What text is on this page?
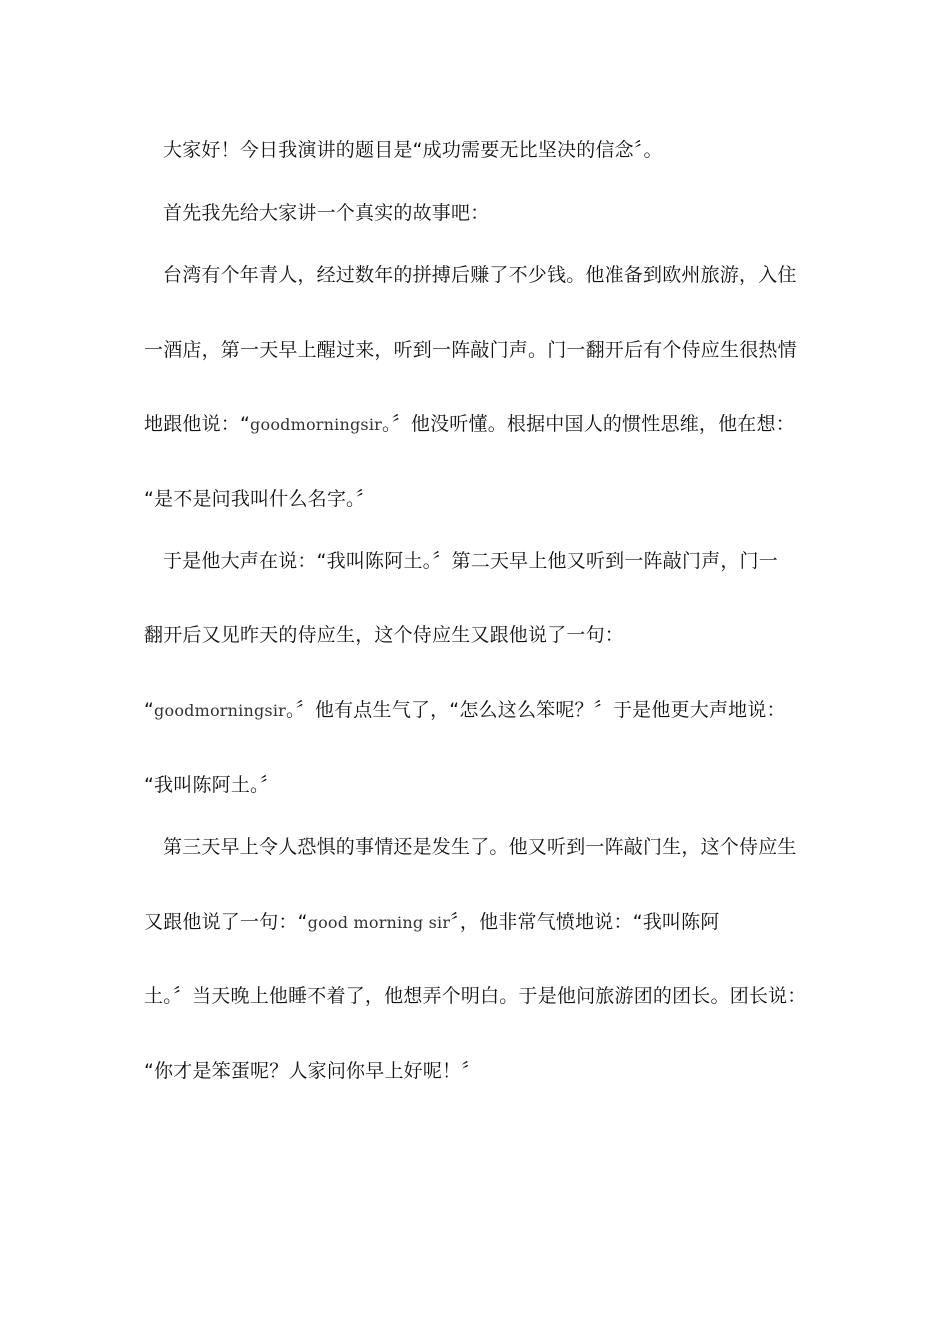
大家好！今日我演讲的题目是“成功需要无比坚决的信念〞。
首先我先给大家讲一个真实的故事吧：
台湾有个年青人，经过数年的拼搏后赚了不少钱。他准备到欧州旅游，入住
一酒店，第一天早上醒过来，听到一阵敲门声。门一翻开后有个侍应生很热情
地跟他说：“goodmorningsir。〞他没听懂。根据中国人的惯性思维，他在想：
“是不是问我叫什么名字。〞
于是他大声在说：“我叫陈阿土。〞第二天早上他又听到一阵敲门声，门一
翻开后又见昨天的侍应生，这个侍应生又跟他说了一句：
“goodmorningsir。〞他有点生气了，“怎么这么笨呢？〞于是他更大声地说：
“我叫陈阿土。〞
第三天早上令人恐惧的事情还是发生了。他又听到一阵敲门生，这个侍应生
又跟他说了一句：“good morning sir〞，他非常气愤地说：“我叫陈阿
土。〞当天晚上他睡不着了，他想弄个明白。于是他问旅游团的团长。团长说：
“你才是笨蛋呢？人家问你早上好呢！〞
